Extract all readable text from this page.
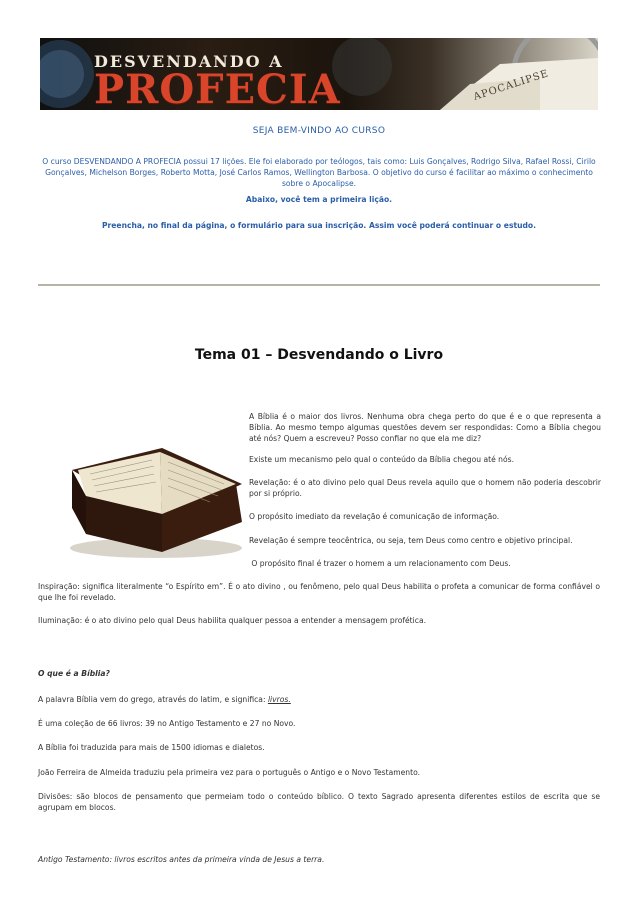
DESVENDANDO A
PROFECIA	APOCALIPSE
SEJA BEM-VINDO AO CURSO
O curso DESVENDANDO A PROFECIA possui 17 lições. Ele foi elaborado por teólogos, tais como: Luis Gonçalves, Rodrigo Silva, Rafael Rossi, Cirilo Gonçalves, Michelson Borges, Roberto Motta, José Carlos Ramos, Wellington Barbosa. O objetivo do curso é facilitar ao máximo o conhecimento sobre o Apocalipse.
Abaixo, você tem a primeira lição.
Preencha, no final da página, o formulário para sua inscrição. Assim você poderá continuar o estudo.
Tema 01 – Desvendando o Livro

A Bíblia é o maior dos livros. Nenhuma obra chega perto do que é e o que representa a Bíblia. Ao mesmo tempo algumas questões devem ser respondidas: Como a Bíblia chegou até nós? Quem a escreveu? Posso confiar no que ela me diz?

Existe um mecanismo pelo qual o conteúdo da Bíblia chegou até nós.

Revelação: é o ato divino pelo qual Deus revela aquilo que o homem não poderia descobrir por si próprio.

O propósito imediato da revelação é comunicação de informação.

Revelação é sempre teocêntrica, ou seja, tem Deus como centro e objetivo principal.

O propósito final é trazer o homem a um relacionamento com Deus.

Inspiração: significa literalmente “o Espírito em”. É o ato divino , ou fenômeno, pelo qual Deus habilita o profeta a comunicar de forma confiável o que lhe foi revelado.

Iluminação: é o ato divino pelo qual Deus habilita qualquer pessoa a entender a mensagem profética.

O que é a Bíblia?

A palavra Bíblia vem do grego, através do latim, e significa: livros.

É uma coleção de 66 livros: 39 no Antigo Testamento e 27 no Novo.

A Bíblia foi traduzida para mais de 1500 idiomas e dialetos.

João Ferreira de Almeida traduziu pela primeira vez para o português o Antigo e o Novo Testamento.

Divisões: são blocos de pensamento que permeiam todo o conteúdo bíblico. O texto Sagrado apresenta diferentes estilos de escrita que se agrupam em blocos.

Antigo Testamento: livros escritos antes da primeira vinda de Jesus a terra.
